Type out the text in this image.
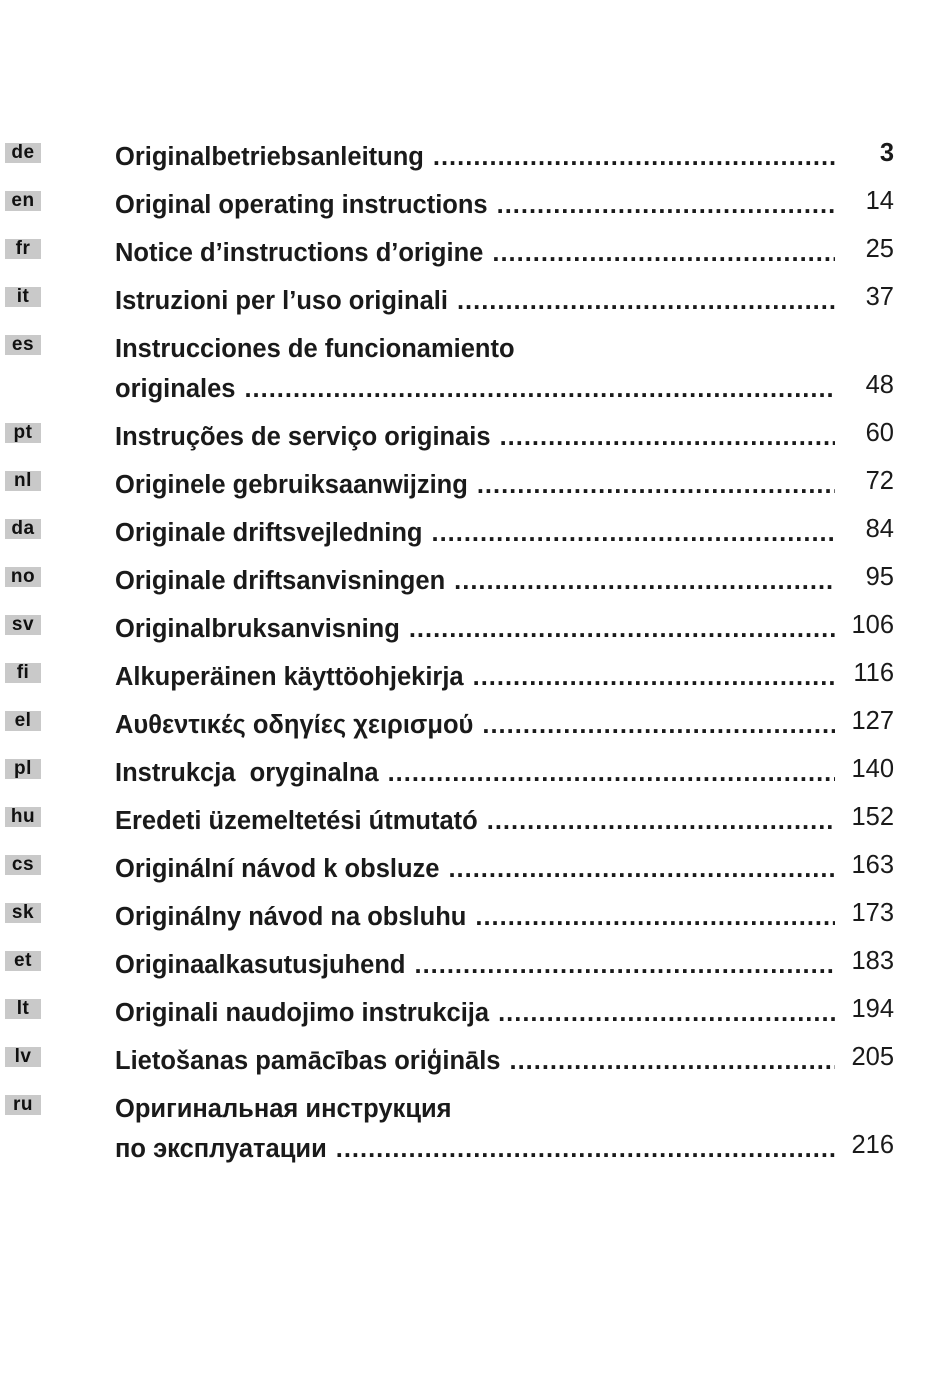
de	Originalbetriebsanleitung .....	3
en	Original operating instructions .....	14
fr	Notice d’instructions d’origine .....	25
it	Istruzioni per l’uso originali .....	37
es	Instrucciones de funcionamiento
originales .....	48
pt	Instruções de serviço originais .....	60
nl	Originele gebruiksaanwijzing .....	72
da	Originale driftsvejledning .....	84
no	Originale driftsanvisningen .....	95
sv	Originalbruksanvisning .....	106
fi	Alkuperäinen käyttöohjekirja .....	116
el	Αυθεντικές οδηγίες χειρισμού .....	127
pl	Instrukcja  oryginalna .....	140
hu	Eredeti üzemeltetési útmutató .....	152
cs	Originální návod k obsluze .....	163
sk	Originálny návod na obsluhu .....	173
et	Originaalkasutusjuhend .....	183
lt	Originali naudojimo instrukcija .....	194
lv	Lietošanas pamācības oriģināls .....	205
ru	Оригинальная инструкция
по эксплуатации .....	216
